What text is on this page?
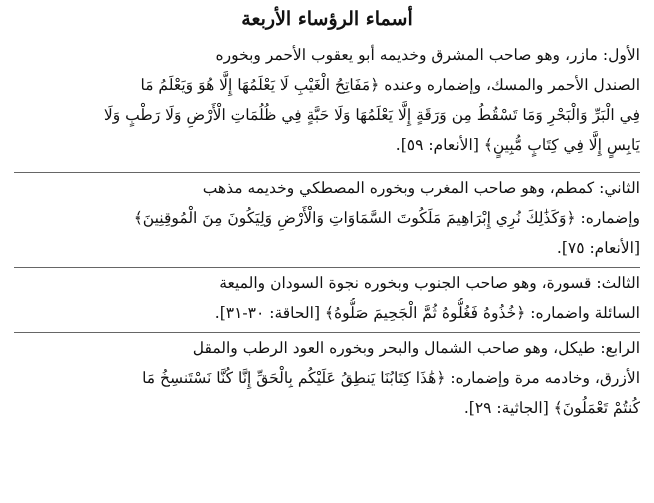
أسماء الرؤساء الأربعة
الأول: مازر، وهو صاحب المشرق وخديمه أبو يعقوب الأحمر وبخوره
الصندل الأحمر والمسك، وإضماره وعنده ﴿مَفَاتِحُ الْغَيْبِ لَا يَعْلَمُهَا إِلَّا هُوَ وَيَعْلَمُ مَا
فِي الْبَرِّ وَالْبَحْرِ وَمَا تَسْقُطُ مِن وَرَقَةٍ إِلَّا يَعْلَمُهَا وَلَا حَبَّةٍ فِي ظُلُمَاتِ الْأَرْضِ وَلَا رَطْبٍ وَلَا
يَابِسٍ إِلَّا فِي كِتَابٍ مُّبِينٍ﴾ [الأنعام: ٥٩].
الثاني: كمطم، وهو صاحب المغرب وبخوره المصطكي وخديمه مذهب
وإضماره: ﴿وَكَذَٰلِكَ نُرِي إِبْرَاهِيمَ مَلَكُوتَ السَّمَاوَاتِ وَالْأَرْضِ وَلِيَكُونَ مِنَ الْمُوقِنِينَ﴾
[الأنعام: ٧٥].
الثالث: قسورة، وهو صاحب الجنوب وبخوره نجوة السودان والميعة
السائلة واضماره: ﴿خُذُوهُ فَغُلُّوهُ ثُمَّ الْجَحِيمَ صَلُّوهُ﴾ [الحاقة: ٣٠-٣١].
الرابع: طيكل، وهو صاحب الشمال والبحر وبخوره العود الرطب والمقل
الأزرق، وخادمه مرة وإضماره: ﴿هَٰذَا كِتَابُنَا يَنطِقُ عَلَيْكُم بِالْحَقِّ إِنَّا كُنَّا نَسْتَنسِخُ مَا
كُنتُمْ تَعْمَلُونَ﴾ [الجاثية: ٢٩].
